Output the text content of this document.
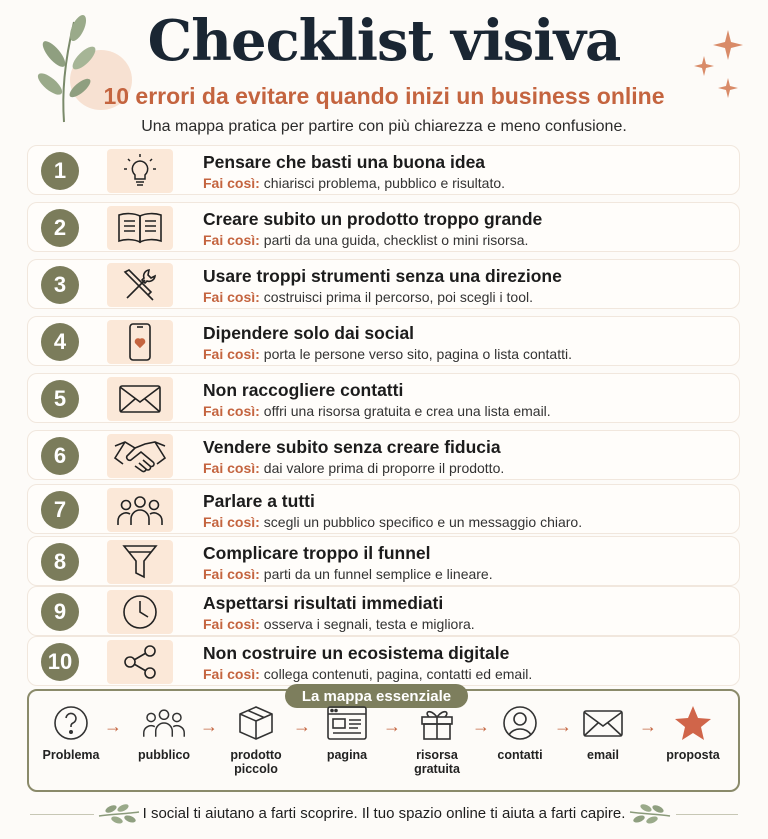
Checklist visiva
10 errori da evitare quando inizi un business online
Una mappa pratica per partire con più chiarezza e meno confusione.
1	Pensare che basti una buona idea
Fai così: chiarisci problema, pubblico e risultato.
2	Creare subito un prodotto troppo grande
Fai così: parti da una guida, checklist o mini risorsa.
3	Usare troppi strumenti senza una direzione
Fai così: costruisci prima il percorso, poi scegli i tool.
4	Dipendere solo dai social
Fai così: porta le persone verso sito, pagina o lista contatti.
5	Non raccogliere contatti
Fai così: offri una risorsa gratuita e crea una lista email.
6	Vendere subito senza creare fiducia
Fai così: dai valore prima di proporre il prodotto.
7	Parlare a tutti
Fai così: scegli un pubblico specifico e un messaggio chiaro.
8	Complicare troppo il funnel
Fai così: parti da un funnel semplice e lineare.
9	Aspettarsi risultati immediati
Fai così: osserva i segnali, testa e migliora.
10	Non costruire un ecosistema digitale
Fai così: collega contenuti, pagina, contatti ed email.
La mappa essenziale
Problema
→
pubblico
→
prodotto piccolo
→
pagina
→
risorsa gratuita
→
contatti
→
email
→
proposta
I social ti aiutano a farti scoprire. Il tuo spazio online ti aiuta a farti capire.
